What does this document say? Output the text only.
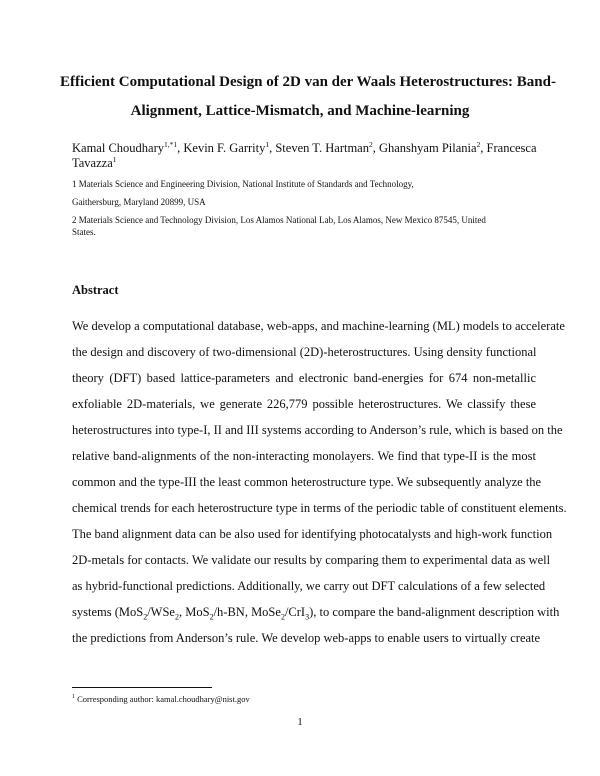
Efficient Computational Design of 2D van der Waals Heterostructures: Band-
Alignment, Lattice-Mismatch, and Machine-learning
Kamal Choudhary$^{1,*1}$, Kevin F. Garrity$^1$, Steven T. Hartman$^2$, Ghanshyam Pilania$^2$, Francesca
Tavazza$^1$
1 Materials Science and Engineering Division, National Institute of Standards and Technology,
Gaithersburg, Maryland 20899, USA
2 Materials Science and Technology Division, Los Alamos National Lab, Los Alamos, New Mexico 87545, United
States.
Abstract
We develop a computational database, web-apps, and machine-learning (ML) models to accelerate
the design and discovery of two-dimensional (2D)-heterostructures. Using density functional
theory (DFT) based lattice-parameters and electronic band-energies for 674 non-metallic
exfoliable 2D-materials, we generate 226,779 possible heterostructures. We classify these
heterostructures into type-I, II and III systems according to Anderson’s rule, which is based on the
relative band-alignments of the non-interacting monolayers. We find that type-II is the most
common and the type-III the least common heterostructure type. We subsequently analyze the
chemical trends for each heterostructure type in terms of the periodic table of constituent elements.
The band alignment data can be also used for identifying photocatalysts and high-work function
2D-metals for contacts. We validate our results by comparing them to experimental data as well
as hybrid-functional predictions. Additionally, we carry out DFT calculations of a few selected
systems (MoS$_2$/WSe$_2$, MoS$_2$/h-BN, MoSe$_2$/CrI$_3$), to compare the band-alignment description with
the predictions from Anderson’s rule. We develop web-apps to enable users to virtually create
$^1$ Corresponding author: kamal.choudhary@nist.gov
1
